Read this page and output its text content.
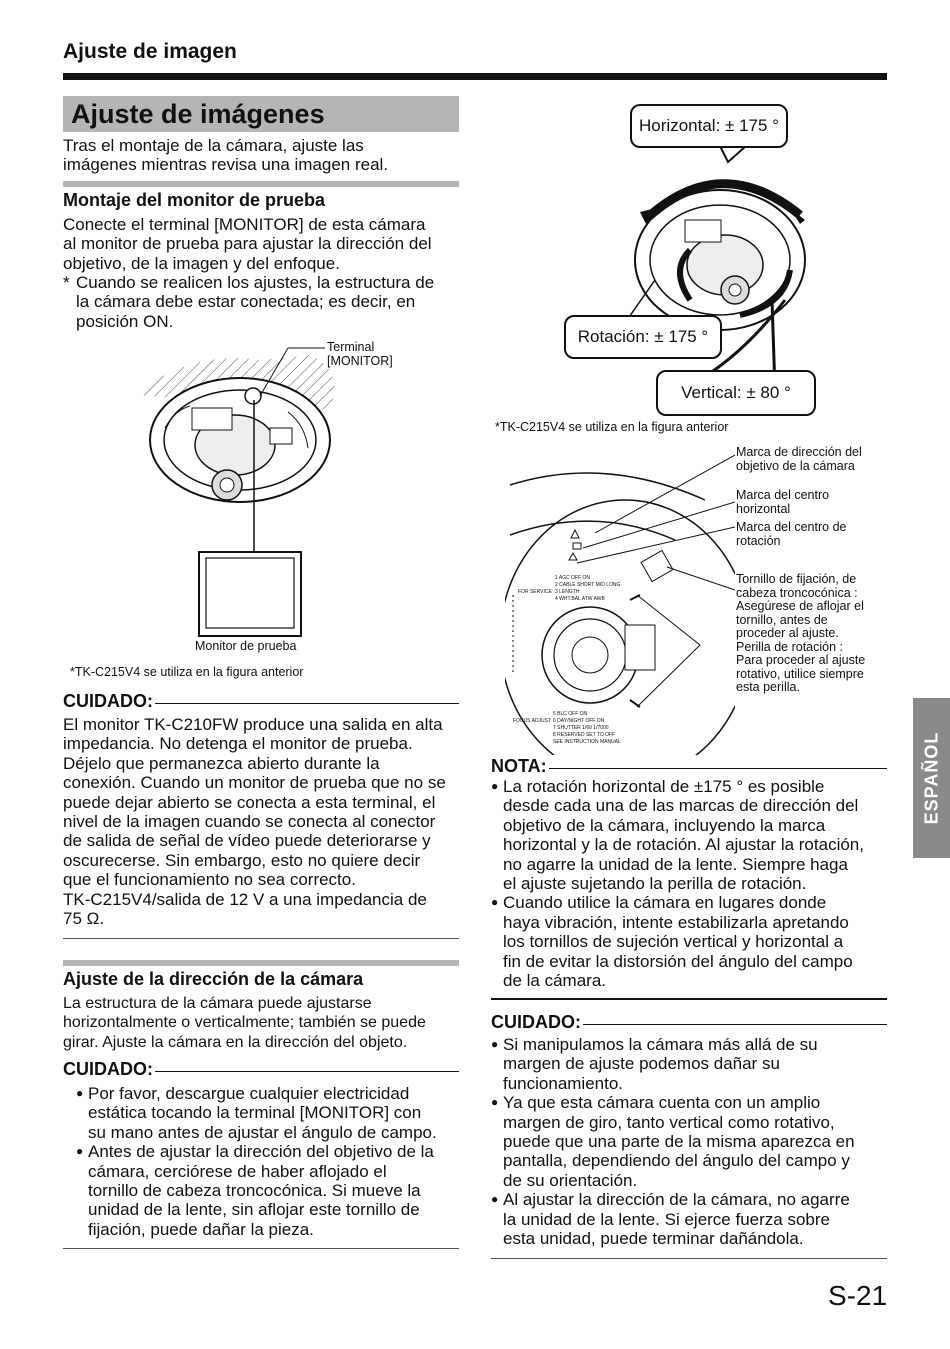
Ajuste de imagen
Ajuste de imágenes
Tras el montaje de la cámara, ajuste las
imágenes mientras revisa una imagen real.
Montaje del monitor de prueba
Conecte el terminal [MONITOR] de esta cámara
al monitor de prueba para ajustar la dirección del
objetivo, de la imagen y del enfoque.
* Cuando se realicen los ajustes, la estructura de
la cámara debe estar conectada; es decir, en
posición ON.
Terminal
[MONITOR]
Monitor de prueba
*TK-C215V4 se utiliza en la figura anterior
CUIDADO:
El monitor TK-C210FW produce una salida en alta
impedancia. No detenga el monitor de prueba.
Déjelo que permanezca abierto durante la
conexión. Cuando un monitor de prueba que no se
puede dejar abierto se conecta a esta terminal, el
nivel de la imagen cuando se conecta al conector
de salida de señal de vídeo puede deteriorarse y
oscurecerse. Sin embargo, esto no quiere decir
que el funcionamiento no sea correcto.
TK-C215V4/salida de 12 V a una impedancia de
75 Ω.
Ajuste de la dirección de la cámara
La estructura de la cámara puede ajustarse
horizontalmente o verticalmente; también se puede
girar. Ajuste la cámara en la dirección del objeto.
CUIDADO:
● Por favor, descargue cualquier electricidad
estática tocando la terminal [MONITOR] con
su mano antes de ajustar el ángulo de campo.
● Antes de ajustar la dirección del objetivo de la
cámara, cerciórese de haber aflojado el
tornillo de cabeza troncocónica. Si mueve la
unidad de la lente, sin aflojar este tornillo de
fijación, puede dañar la pieza.
Horizontal: ± 175 °
Rotación: ± 175 °
Vertical: ± 80 °
*TK-C215V4 se utiliza en la figura anterior
1 AGC OFF ON
2 CABLE SHORT MID LONG
3 LENGTH
4 WHT.BAL ATW AWB
FOR SERVICE
FOCUS ADJUST
5 BLC OFF ON
6 DAY/NIGHT OFF ON
7 SHUTTER 1/60 1/7000
8 RESERVED SET TO OFF
SEE INSTRUCTION MANUAL
Marca de dirección del
objetivo de la cámara
Marca del centro
horizontal
Marca del centro de
rotación
Tornillo de fijación, de
cabeza troncocónica :
Asegúrese de aflojar el
tornillo, antes de
proceder al ajuste.
Perilla de rotación :
Para proceder al ajuste
rotativo, utilice siempre
esta perilla.
NOTA:
● La rotación horizontal de ±175 ° es posible
desde cada una de las marcas de dirección del
objetivo de la cámara, incluyendo la marca
horizontal y la de rotación. Al ajustar la rotación,
no agarre la unidad de la lente. Siempre haga
el ajuste sujetando la perilla de rotación.
● Cuando utilice la cámara en lugares donde
haya vibración, intente estabilizarla apretando
los tornillos de sujeción vertical y horizontal a
fin de evitar la distorsión del ángulo del campo
de la cámara.
CUIDADO:
● Si manipulamos la cámara más allá de su
margen de ajuste podemos dañar su
funcionamiento.
● Ya que esta cámara cuenta con un amplio
margen de giro, tanto vertical como rotativo,
puede que una parte de la misma aparezca en
pantalla, dependiendo del ángulo del campo y
de su orientación.
● Al ajustar la dirección de la cámara, no agarre
la unidad de la lente. Si ejerce fuerza sobre
esta unidad, puede terminar dañándola.
ESPAÑOL
S-21
